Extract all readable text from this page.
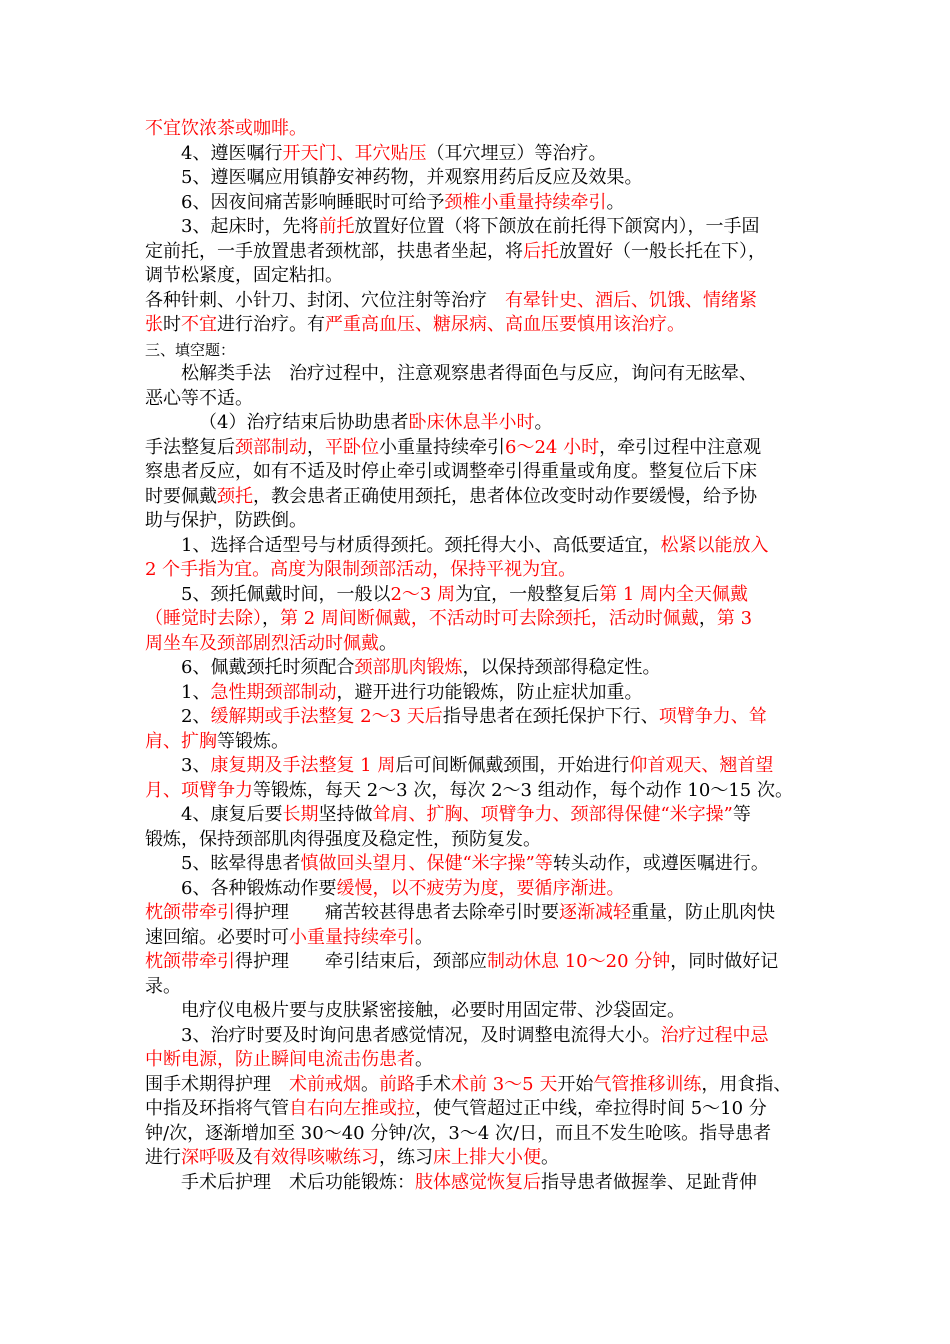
不宜饮浓茶或咖啡。
4、遵医嘱行开天门、耳穴贴压（耳穴埋豆）等治疗。
5、遵医嘱应用镇静安神药物，并观察用药后反应及效果。
6、因夜间痛苦影响睡眠时可给予颈椎小重量持续牵引。
3、起床时，先将前托放置好位置（将下颌放在前托得下颌窝内），一手固
定前托，一手放置患者颈枕部，扶患者坐起，将后托放置好（一般长托在下），
调节松紧度，固定粘扣。
各种针刺、小针刀、封闭、穴位注射等治疗　有晕针史、酒后、饥饿、情绪紧
张时不宜进行治疗。有严重高血压、糖尿病、高血压要慎用该治疗。
三、填空题：
松解类手法　治疗过程中，注意观察患者得面色与反应，询问有无眩晕、
恶心等不适。
（4）治疗结束后协助患者卧床休息半小时。
手法整复后颈部制动，平卧位小重量持续牵引6～24 小时，牵引过程中注意观
察患者反应，如有不适及时停止牵引或调整牵引得重量或角度。整复位后下床
时要佩戴颈托，教会患者正确使用颈托，患者体位改变时动作要缓慢，给予协
助与保护，防跌倒。
1、选择合适型号与材质得颈托。颈托得大小、高低要适宜，松紧以能放入
2 个手指为宜。高度为限制颈部活动，保持平视为宜。
5、颈托佩戴时间，一般以2～3 周为宜，一般整复后第 1 周内全天佩戴
（睡觉时去除），第 2 周间断佩戴，不活动时可去除颈托，活动时佩戴，第 3
周坐车及颈部剧烈活动时佩戴。
6、佩戴颈托时须配合颈部肌肉锻炼，以保持颈部得稳定性。
1、急性期颈部制动，避开进行功能锻炼，防止症状加重。
2、缓解期或手法整复 2～3 天后指导患者在颈托保护下行、项臂争力、耸
肩、扩胸等锻炼。
3、康复期及手法整复 1 周后可间断佩戴颈围，开始进行仰首观天、翘首望
月、项臂争力等锻炼，每天 2～3 次，每次 2～3 组动作，每个动作 10～15 次。
4、康复后要长期坚持做耸肩、扩胸、项臂争力、颈部得保健“米字操”等
锻炼，保持颈部肌肉得强度及稳定性，预防复发。
5、眩晕得患者慎做回头望月、保健“米字操”等转头动作，或遵医嘱进行。
6、各种锻炼动作要缓慢，以不疲劳为度，要循序渐进。
枕颌带牵引得护理　　痛苦较甚得患者去除牵引时要逐渐减轻重量，防止肌肉快
速回缩。必要时可小重量持续牵引。
枕颌带牵引得护理　　牵引结束后，颈部应制动休息 10～20 分钟，同时做好记
录。
电疗仪电极片要与皮肤紧密接触，必要时用固定带、沙袋固定。
3、治疗时要及时询问患者感觉情况，及时调整电流得大小。治疗过程中忌
中断电源，防止瞬间电流击伤患者。
围手术期得护理　术前戒烟。前路手术术前 3～5 天开始气管推移训练，用食指、
中指及环指将气管自右向左推或拉，使气管超过正中线，牵拉得时间 5～10 分
钟/次，逐渐增加至 30～40 分钟/次，3～4 次/日，而且不发生呛咳。指导患者
进行深呼吸及有效得咳嗽练习，练习床上排大小便。
手术后护理　术后功能锻炼：肢体感觉恢复后指导患者做握拳、足趾背伸
